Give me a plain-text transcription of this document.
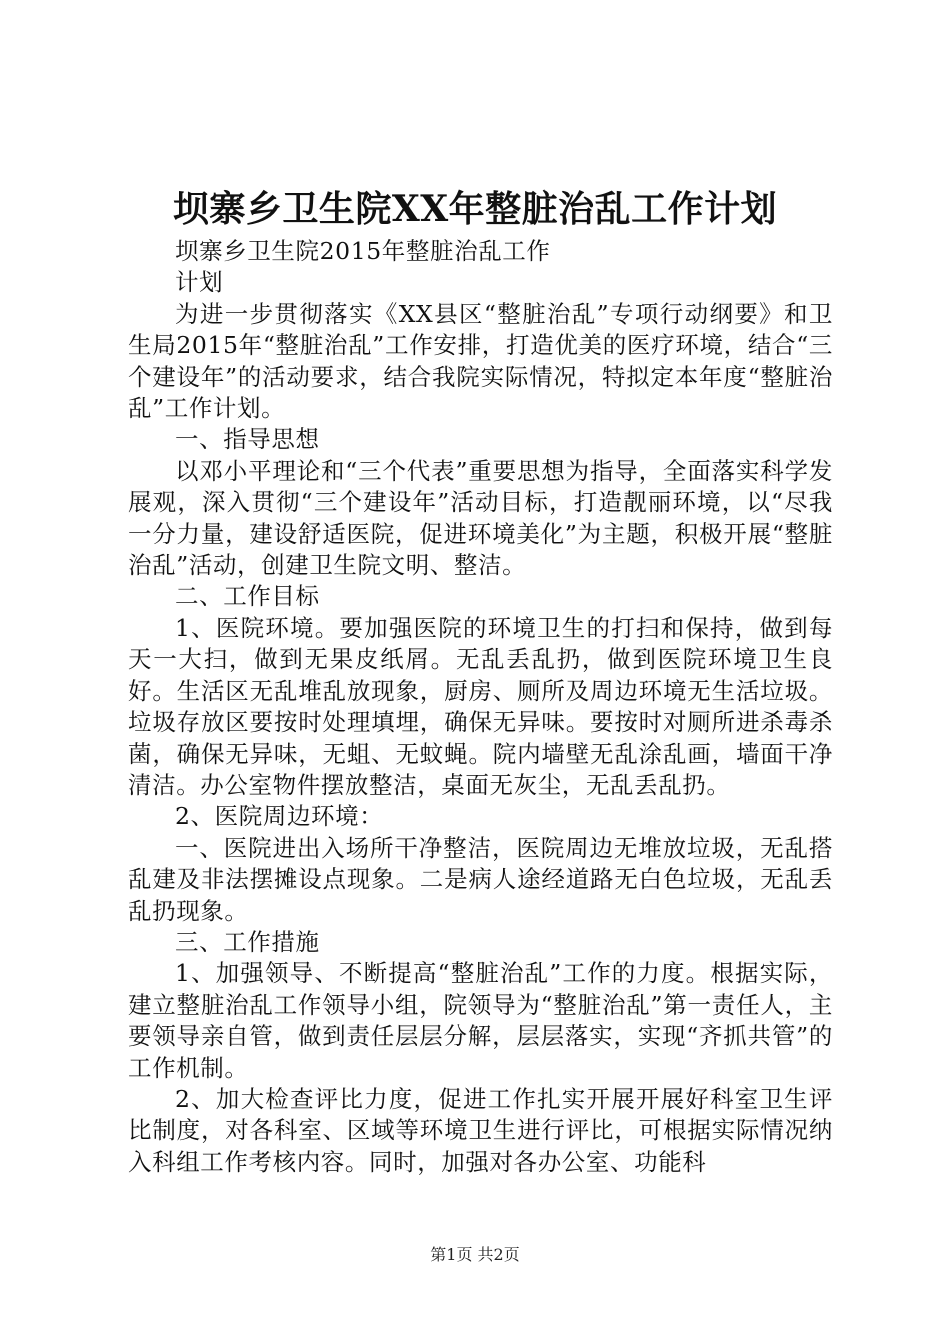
坝寨乡卫生院XX年整脏治乱工作计划

坝寨乡卫生院2015年整脏治乱工作

计划

为进一步贯彻落实《XX县区“整脏治乱”专项行动纲要》和卫生局2015年“整脏治乱”工作安排，打造优美的医疗环境，结合“三个建设年”的活动要求，结合我院实际情况，特拟定本年度“整脏治乱”工作计划。

一、指导思想

以邓小平理论和“三个代表”重要思想为指导，全面落实科学发展观，深入贯彻“三个建设年”活动目标，打造靓丽环境，以“尽我一分力量，建设舒适医院，促进环境美化”为主题，积极开展“整脏治乱”活动，创建卫生院文明、整洁。

二、工作目标

1、医院环境。要加强医院的环境卫生的打扫和保持，做到每天一大扫，做到无果皮纸屑。无乱丢乱扔，做到医院环境卫生良好。生活区无乱堆乱放现象，厨房、厕所及周边环境无生活垃圾。垃圾存放区要按时处理填埋，确保无异味。要按时对厕所进杀毒杀菌，确保无异味，无蛆、无蚊蝇。院内墙壁无乱涂乱画，墙面干净清洁。办公室物件摆放整洁，桌面无灰尘，无乱丢乱扔。

2、医院周边环境：

一、医院进出入场所干净整洁，医院周边无堆放垃圾，无乱搭乱建及非法摆摊设点现象。二是病人途经道路无白色垃圾，无乱丢乱扔现象。

三、工作措施

1、加强领导、不断提高“整脏治乱”工作的力度。根据实际，建立整脏治乱工作领导小组，院领导为“整脏治乱”第一责任人，主要领导亲自管，做到责任层层分解，层层落实，实现“齐抓共管”的工作机制。

2、加大检查评比力度，促进工作扎实开展开展好科室卫生评比制度，对各科室、区域等环境卫生进行评比，可根据实际情况纳入科组工作考核内容。同时，加强对各办公室、功能科

第1页 共2页
